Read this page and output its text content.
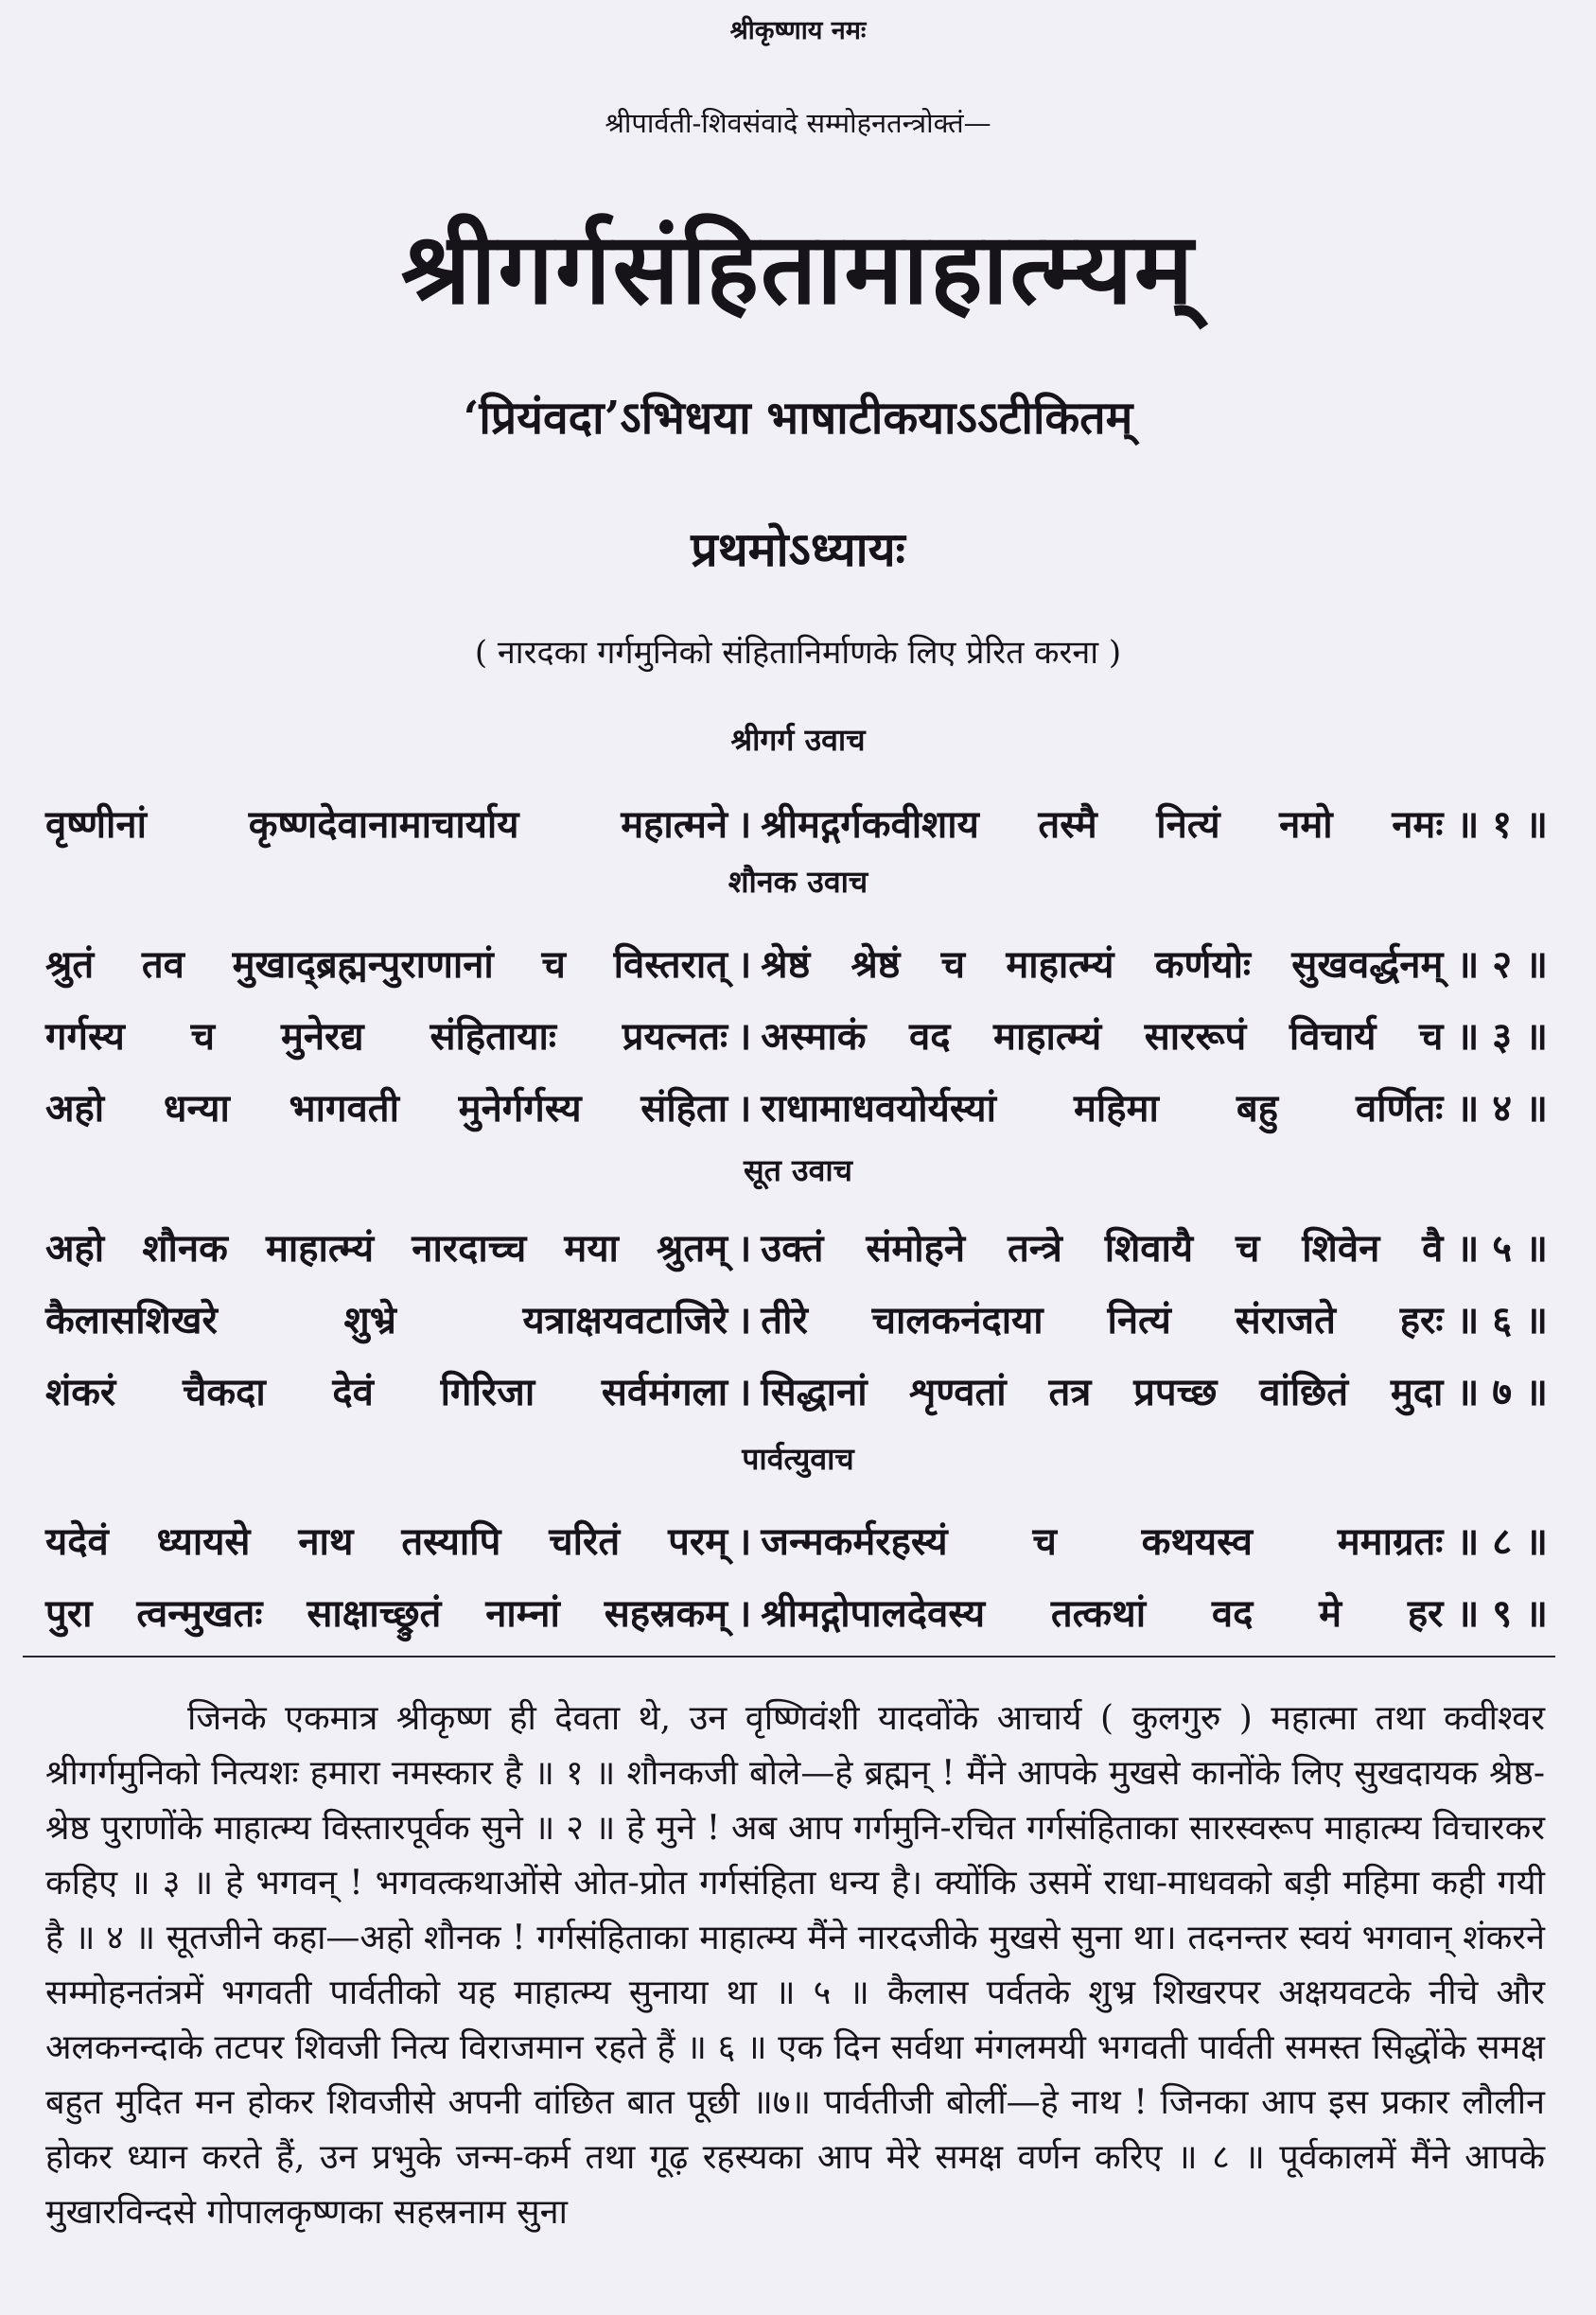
श्रीकृष्णाय नमः
श्रीपार्वती-शिवसंवादे सम्मोहनतन्त्रोक्तं—
श्रीगर्गसंहितामाहात्म्यम्
‘प्रियंवदा’ऽभिधया भाषाटीकयाऽऽटीकितम्
प्रथमोऽध्यायः
( नारदका गर्गमुनिको संहितानिर्माणके लिए प्रेरित करना )
श्रीगर्ग उवाच
वृष्णीनां	कृष्णदेवानामाचार्याय	महात्मने । श्रीमद्गर्गकवीशाय तस्मै नित्यं नमो नमः ॥ १ ॥
शौनक उवाच
श्रुतं तव मुखाद्ब्रह्मन्पुराणानां च विस्तरात् । श्रेष्ठं श्रेष्ठं च माहात्म्यं कर्णयोः सुखवर्द्धनम् ॥ २ ॥
गर्गस्य च मुनेरद्य संहितायाः प्रयत्नतः । अस्माकं वद माहात्म्यं साररूपं विचार्य च ॥ ३ ॥
अहो धन्या भागवती मुनेर्गर्गस्य संहिता । राधामाधवयोर्यस्यां महिमा बहु वर्णितः ॥ ४ ॥
सूत उवाच
अहो शौनक माहात्म्यं नारदाच्च मया श्रुतम् । उक्तं संमोहने तन्त्रे शिवायै च शिवेन वै ॥ ५ ॥
कैलासशिखरे	शुभ्रे	यत्राक्षयवटाजिरे । तीरे चालकनंदाया नित्यं संराजते हरः ॥ ६ ॥
शंकरं चैकदा देवं गिरिजा सर्वमंगला । सिद्धानां शृण्वतां तत्र प्रपच्छ वांछितं मुदा ॥ ७ ॥
पार्वत्युवाच
यदेवं ध्यायसे नाथ तस्यापि चरितं परम् । जन्मकर्मरहस्यं च कथयस्व ममाग्रतः ॥ ८ ॥
पुरा त्वन्मुखतः साक्षाच्छ्रुतं नाम्नां सहस्रकम् । श्रीमद्गोपालदेवस्य तत्कथां वद मे हर ॥ ९ ॥
जिनके एकमात्र श्रीकृष्ण ही देवता थे, उन वृष्णिवंशी यादवोंके आचार्य ( कुलगुरु ) महात्मा तथा कवीश्वर श्रीगर्गमुनिको नित्यशः हमारा नमस्कार है ॥ १ ॥ शौनकजी बोले—हे ब्रह्मन् ! मैंने आपके मुखसे कानोंके लिए सुखदायक श्रेष्ठ-श्रेष्ठ पुराणोंके माहात्म्य विस्तारपूर्वक सुने ॥ २ ॥ हे मुने ! अब आप गर्गमुनि-रचित गर्गसंहिताका सारस्वरूप माहात्म्य विचारकर कहिए ॥ ३ ॥ हे भगवन् ! भगवत्कथाओंसे ओत-प्रोत गर्गसंहिता धन्य है। क्योंकि उसमें राधा-माधवको बड़ी महिमा कही गयी है ॥ ४ ॥ सूतजीने कहा—अहो शौनक ! गर्गसंहिताका माहात्म्य मैंने नारदजीके मुखसे सुना था। तदनन्तर स्वयं भगवान् शंकरने सम्मोहनतंत्रमें भगवती पार्वतीको यह माहात्म्य सुनाया था ॥ ५ ॥ कैलास पर्वतके शुभ्र शिखरपर अक्षयवटके नीचे और अलकनन्दाके तटपर शिवजी नित्य विराजमान रहते हैं ॥ ६ ॥ एक दिन सर्वथा मंगलमयी भगवती पार्वती समस्त सिद्धोंके समक्ष बहुत मुदित मन होकर शिवजीसे अपनी वांछित बात पूछी ॥७॥ पार्वतीजी बोलीं—हे नाथ ! जिनका आप इस प्रकार लौलीन होकर ध्यान करते हैं, उन प्रभुके जन्म-कर्म तथा गूढ़ रहस्यका आप मेरे समक्ष वर्णन करिए ॥ ८ ॥ पूर्वकालमें मैंने आपके मुखारविन्दसे गोपालकृष्णका सहस्रनाम सुना
